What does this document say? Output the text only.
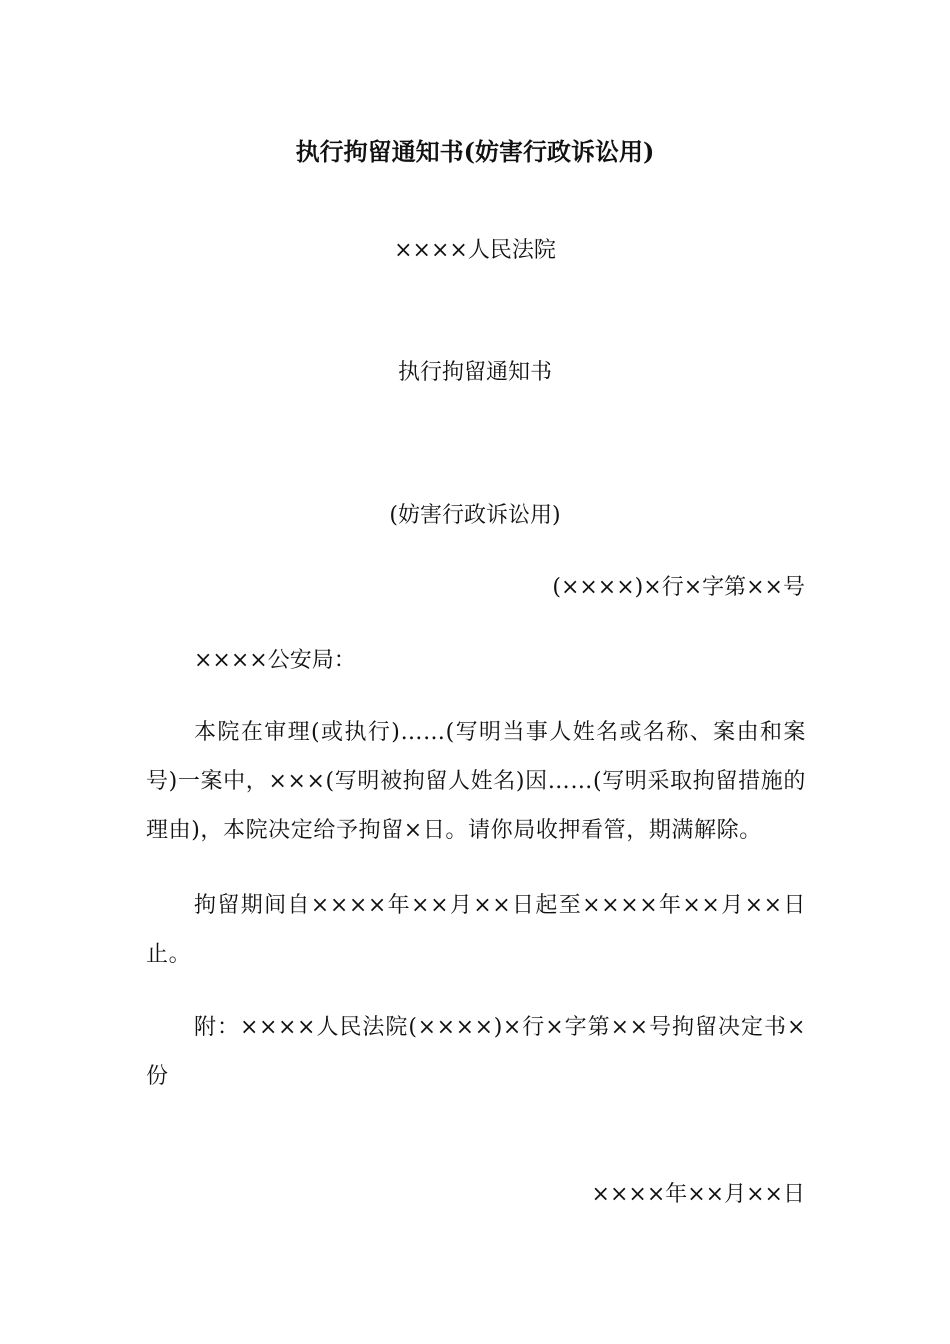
执行拘留通知书(妨害行政诉讼用)
××××人民法院
执行拘留通知书
(妨害行政诉讼用)
(××××)×行×字第××号
××××公安局：
本院在审理(或执行)……(写明当事人姓名或名称、案由和案号)一案中，×××(写明被拘留人姓名)因……(写明采取拘留措施的理由)，本院决定给予拘留×日。请你局收押看管，期满解除。
拘留期间自××××年××月××日起至××××年××月××日止。
附：××××人民法院(××××)×行×字第××号拘留决定书×份
××××年××月××日
